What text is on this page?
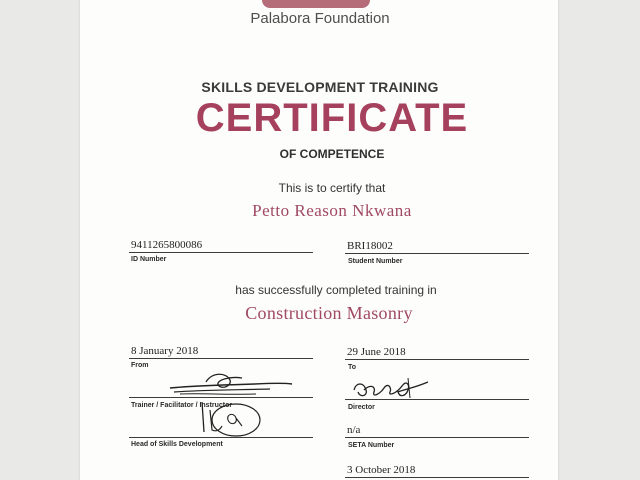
Palabora Foundation
SKILLS DEVELOPMENT TRAINING
CERTIFICATE
OF COMPETENCE
This is to certify that
Petto Reason Nkwana
9411265800086
ID Number
BRI18002
Student Number
has successfully completed training in
Construction Masonry
8 January 2018
From
29 June 2018
To
Trainer / Facilitator / Instructor	Director
Head of Skills Development
n/a
SETA Number
3 October 2018
